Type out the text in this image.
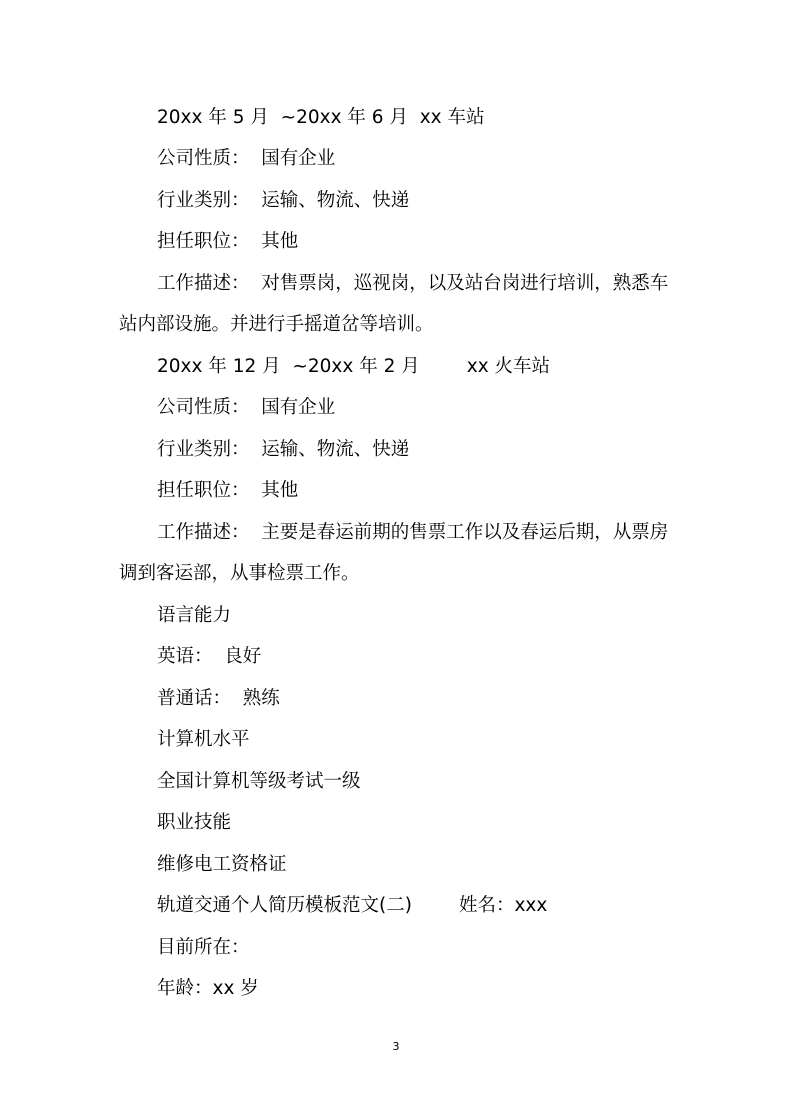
20xx 年 5 月  ~20xx 年 6 月  xx 车站
公司性质：  国有企业
行业类别：  运输、物流、快递
担任职位：  其他
工作描述：  对售票岗，巡视岗，以及站台岗进行培训，熟悉车
站内部设施。并进行手摇道岔等培训。
20xx 年 12 月  ~20xx 年 2 月        xx 火车站
公司性质：  国有企业
行业类别：  运输、物流、快递
担任职位：  其他
工作描述：  主要是春运前期的售票工作以及春运后期，从票房
调到客运部，从事检票工作。
语言能力
英语：  良好
普通话：  熟练
计算机水平
全国计算机等级考试一级
职业技能
维修电工资格证
轨道交通个人简历模板范文(二)        姓名：xxx
目前所在：
年龄：xx 岁
3
